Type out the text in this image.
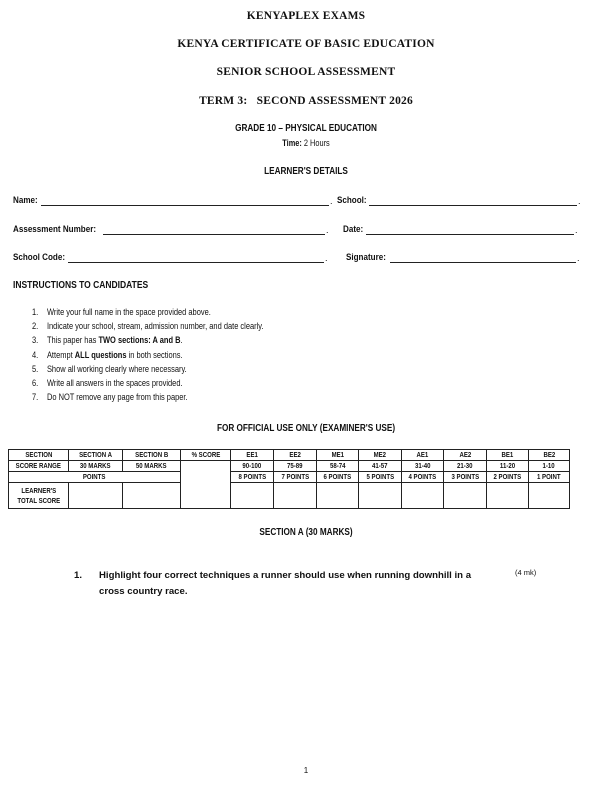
KENYAPLEX EXAMS
KENYA CERTIFICATE OF BASIC EDUCATION
SENIOR SCHOOL ASSESSMENT
TERM 3:   SECOND ASSESSMENT 2026
GRADE 10 – PHYSICAL EDUCATION
Time: 2 Hours
LEARNER'S DETAILS
Name:	. School:	.
Assessment Number:	. Date:	.
School Code:	. Signature:	.
INSTRUCTIONS TO CANDIDATES
1. Write your full name in the space provided above.
2. Indicate your school, stream, admission number, and date clearly.
3. This paper has TWO sections: A and B.
4. Attempt ALL questions in both sections.
5. Show all working clearly where necessary.
6. Write all answers in the spaces provided.
7. Do NOT remove any page from this paper.
FOR OFFICIAL USE ONLY (EXAMINER'S USE)
SECTION	SECTION A	SECTION B	% SCORE	EE1	EE2	ME1	ME2	AE1	AE2	BE1	BE2
SCORE RANGE	30 MARKS	50 MARKS		90-100	75-89	58-74	41-57	31-40	21-30	11-20	1-10
POINTS				8 POINTS	7 POINTS	6 POINTS	5 POINTS	4 POINTS	3 POINTS	2 POINTS	1 POINT
LEARNER'S
TOTAL SCORE											
SECTION A (30 MARKS)
1. Highlight four correct techniques a runner should use when running downhill in a
cross country race.
(4 mk)
1
